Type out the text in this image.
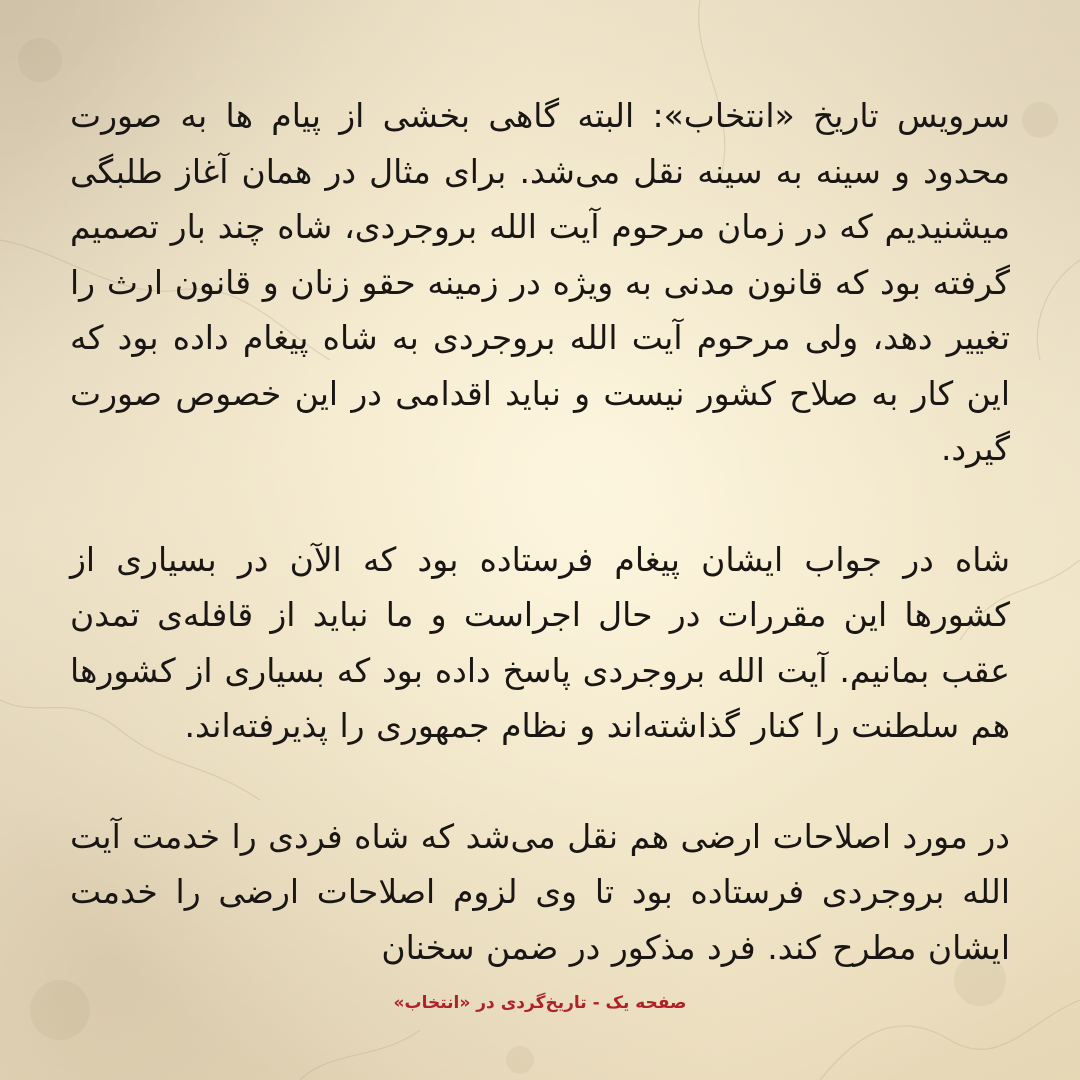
سرویس تاریخ «انتخاب»: البته گاهی بخشی از پیام ها به صورت محدود و سینه به سینه نقل می‌شد. برای مثال در همان آغاز طلبگی میشنیدیم که در زمان مرحوم آیت الله بروجردی، شاه چند بار تصمیم گرفته بود که قانون مدنی به ویژه در زمینه حقو زنان و قانون ارث را تغییر دهد، ولی مرحوم آیت الله بروجردی به شاه پیغام داده بود که این کار به صلاح کشور نیست و نباید اقدامی در این خصوص صورت گیرد.

شاه در جواب ایشان پیغام فرستاده بود که الآن در بسیاری از کشورها این مقررات در حال اجراست و ما نباید از قافله‌ی تمدن عقب بمانیم. آیت الله بروجردی پاسخ داده بود که بسیاری از کشورها هم سلطنت را کنار گذاشته‌اند و نظام جمهوری را پذیرفته‌اند.

در مورد اصلاحات ارضی هم نقل می‌شد که شاه فردی را خدمت آیت الله بروجردی فرستاده بود تا وی لزوم اصلاحات ارضی را خدمت ایشان مطرح کند. فرد مذکور در ضمن سخنان

صفحه یک - تاریخ‌گردی در «انتخاب»
